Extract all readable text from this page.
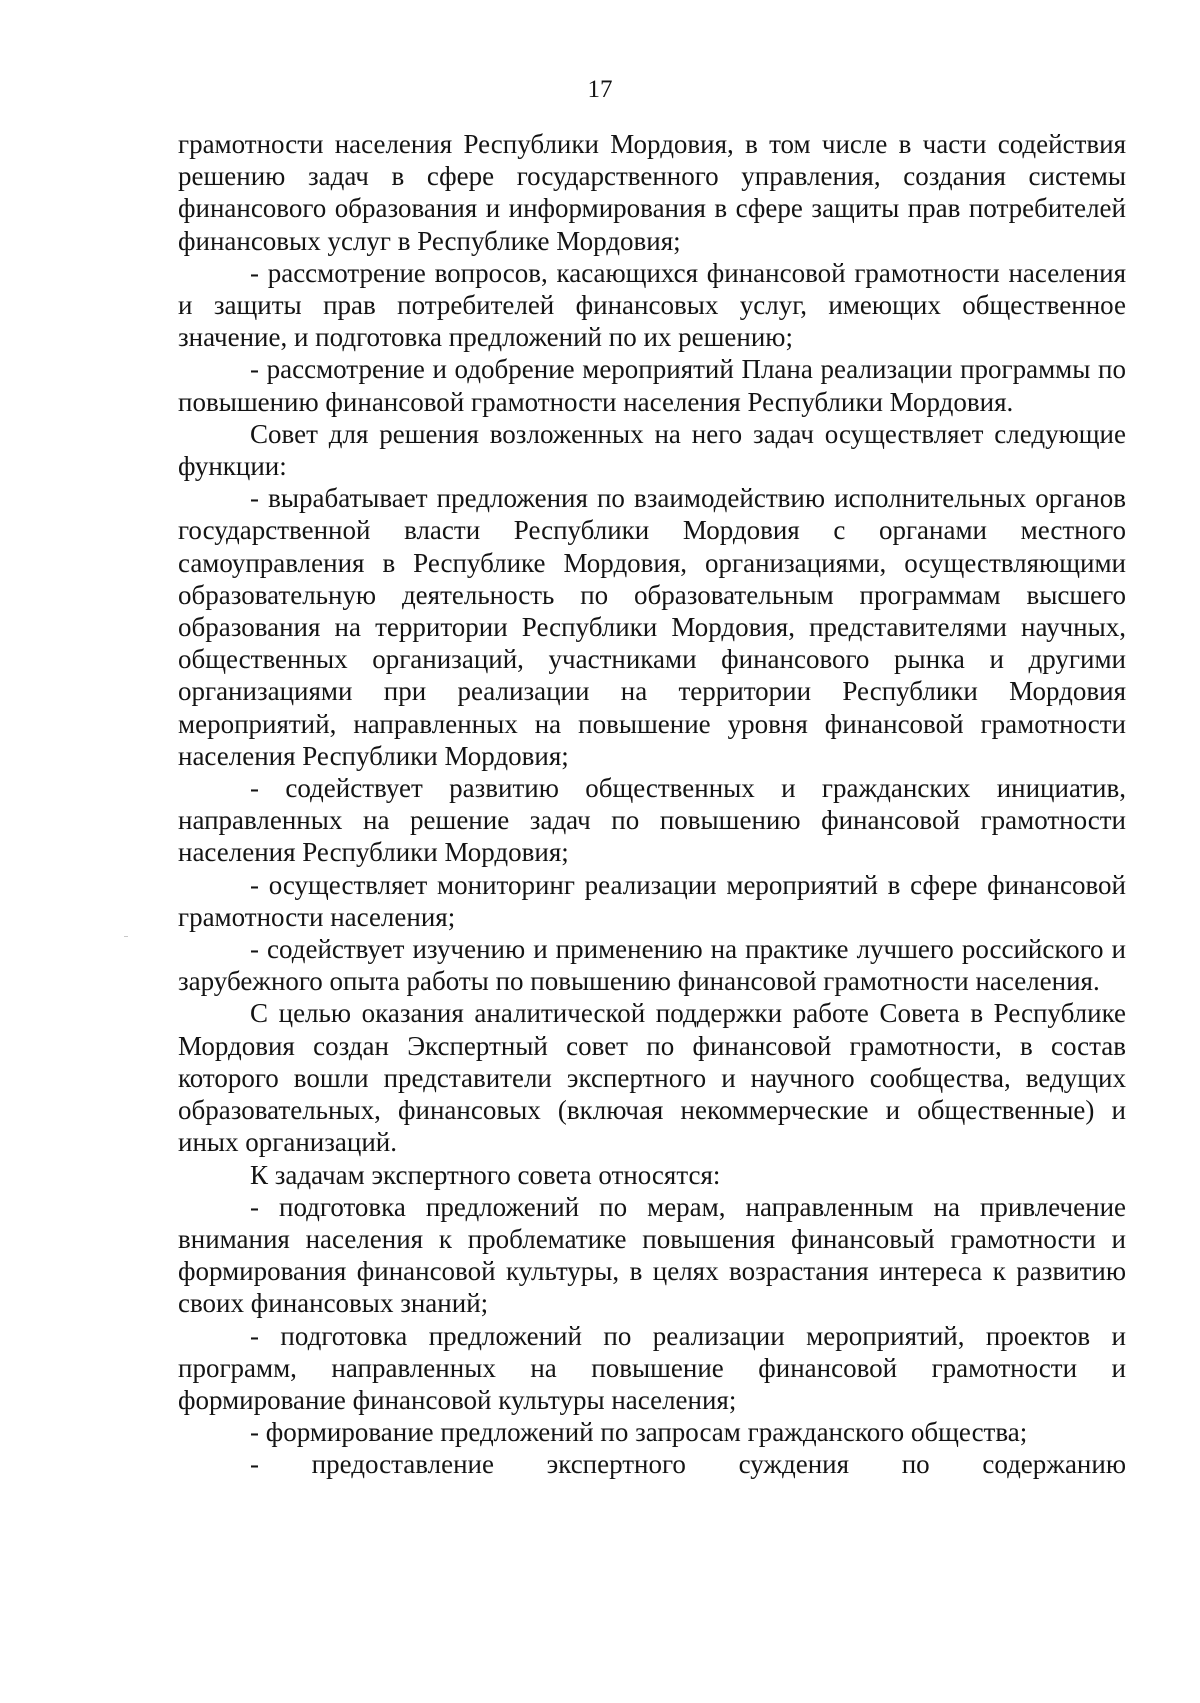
17

грамотности населения Республики Мордовия, в том числе в части содействия решению задач в сфере государственного управления, создания системы финансового образования и информирования в сфере защиты прав потребителей финансовых услуг в Республике Мордовия;

- рассмотрение вопросов, касающихся финансовой грамотности населения и защиты прав потребителей финансовых услуг, имеющих общественное значение, и подготовка предложений по их решению;

- рассмотрение и одобрение мероприятий Плана реализации программы по повышению финансовой грамотности населения Республики Мордовия.

Совет для решения возложенных на него задач осуществляет следующие функции:

- вырабатывает предложения по взаимодействию исполнительных органов государственной власти Республики Мордовия с органами местного самоуправления в Республике Мордовия, организациями, осуществляющими образовательную деятельность по образовательным программам высшего образования на территории Республики Мордовия, представителями научных, общественных организаций, участниками финансового рынка и другими организациями при реализации на территории Республики Мордовия мероприятий, направленных на повышение уровня финансовой грамотности населения Республики Мордовия;

- содействует развитию общественных и гражданских инициатив, направленных на решение задач по повышению финансовой грамотности населения Республики Мордовия;

- осуществляет мониторинг реализации мероприятий в сфере финансовой грамотности населения;

- содействует изучению и применению на практике лучшего российского и зарубежного опыта работы по повышению финансовой грамотности населения.

С целью оказания аналитической поддержки работе Совета в Республике Мордовия создан Экспертный совет по финансовой грамотности, в состав которого вошли представители экспертного и научного сообщества, ведущих образовательных, финансовых (включая некоммерческие и общественные) и иных организаций.

К задачам экспертного совета относятся:

- подготовка предложений по мерам, направленным на привлечение внимания населения к проблематике повышения финансовый грамотности и формирования финансовой культуры, в целях возрастания интереса к развитию своих финансовых знаний;

- подготовка предложений по реализации мероприятий, проектов и программ, направленных на повышение финансовой грамотности и формирование финансовой культуры населения;

- формирование предложений по запросам гражданского общества;

- предоставление экспертного суждения по содержанию
